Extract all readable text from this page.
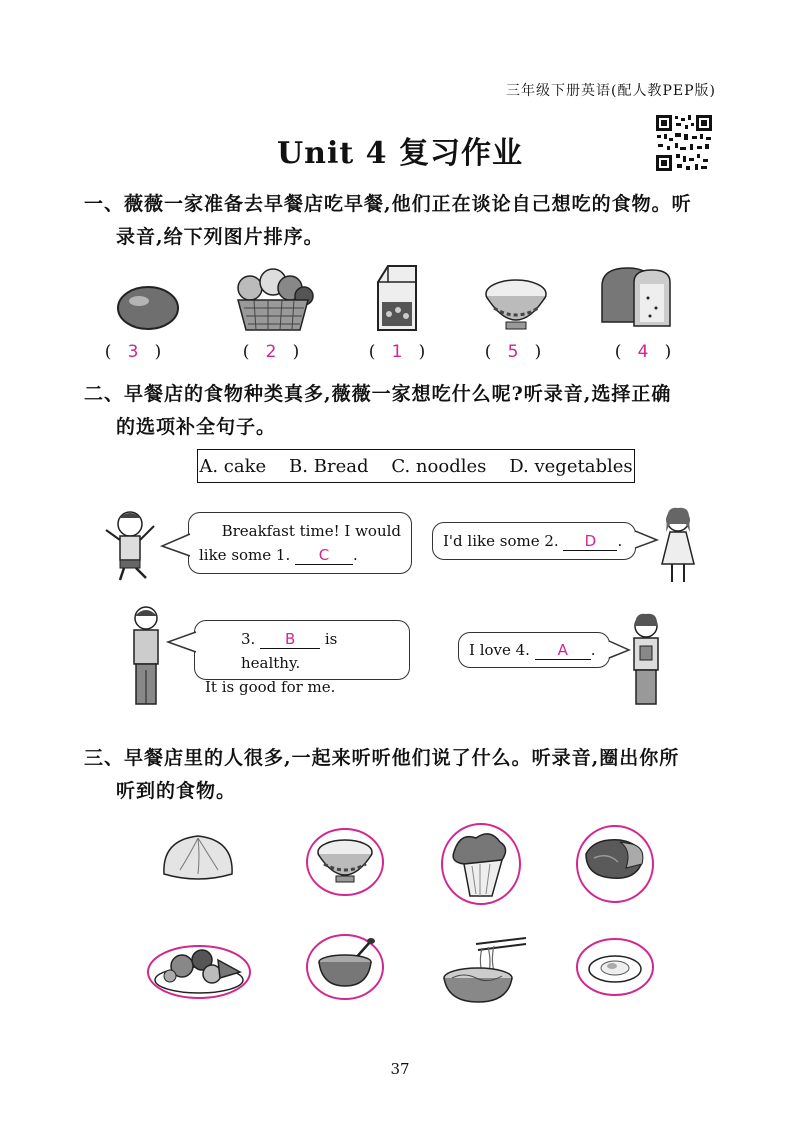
三年级下册英语(配人教PEP版)
Unit 4 复习作业
一、薇薇一家准备去早餐店吃早餐,他们正在谈论自己想吃的食物。听
录音,给下列图片排序。
(   3   )	(   2   )	(   1   )	(   5   )	(   4   )
二、早餐店的食物种类真多,薇薇一家想吃什么呢?听录音,选择正确
的选项补全句子。
A. cake    B. Bread    C. noodles    D. vegetables
Breakfast time! I would
like some 1. C .
I'd like some 2. D .
3. B is healthy.
It is good for me.
I love 4. A .
三、早餐店里的人很多,一起来听听他们说了什么。听录音,圈出你所
听到的食物。
37
